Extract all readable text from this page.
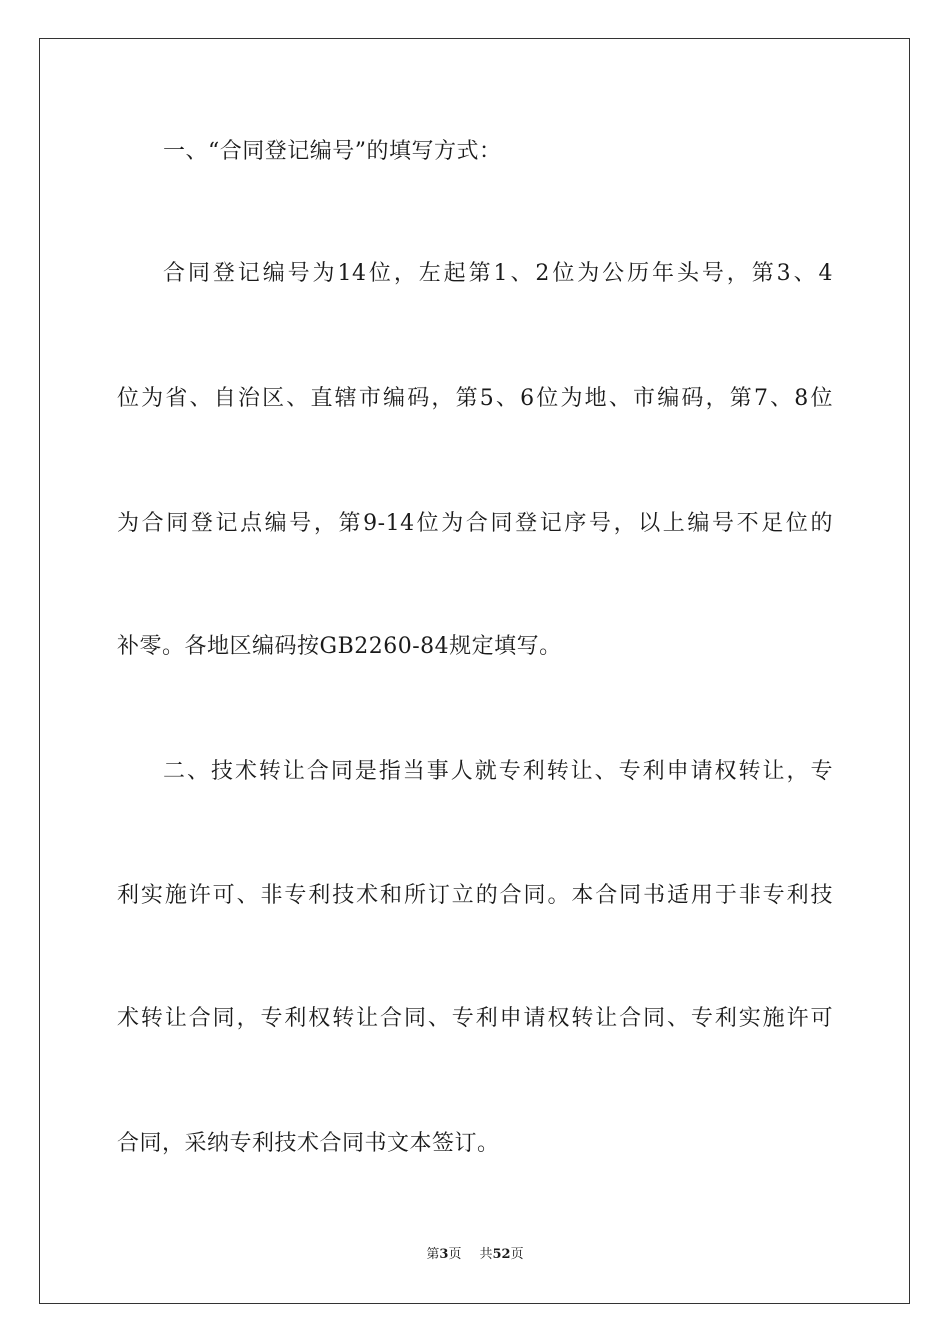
一、“合同登记编号”的填写方式：
合同登记编号为14位，左起第1、2位为公历年头号，第3、4
位为省、自治区、直辖市编码，第5、6位为地、市编码，第7、8位
为合同登记点编号，第9-14位为合同登记序号，以上编号不足位的
补零。各地区编码按GB2260-84规定填写。
二、技术转让合同是指当事人就专利转让、专利申请权转让，专
利实施许可、非专利技术和所订立的合同。本合同书适用于非专利技
术转让合同，专利权转让合同、专利申请权转让合同、专利实施许可
合同，采纳专利技术合同书文本签订。
第3页 共52页
